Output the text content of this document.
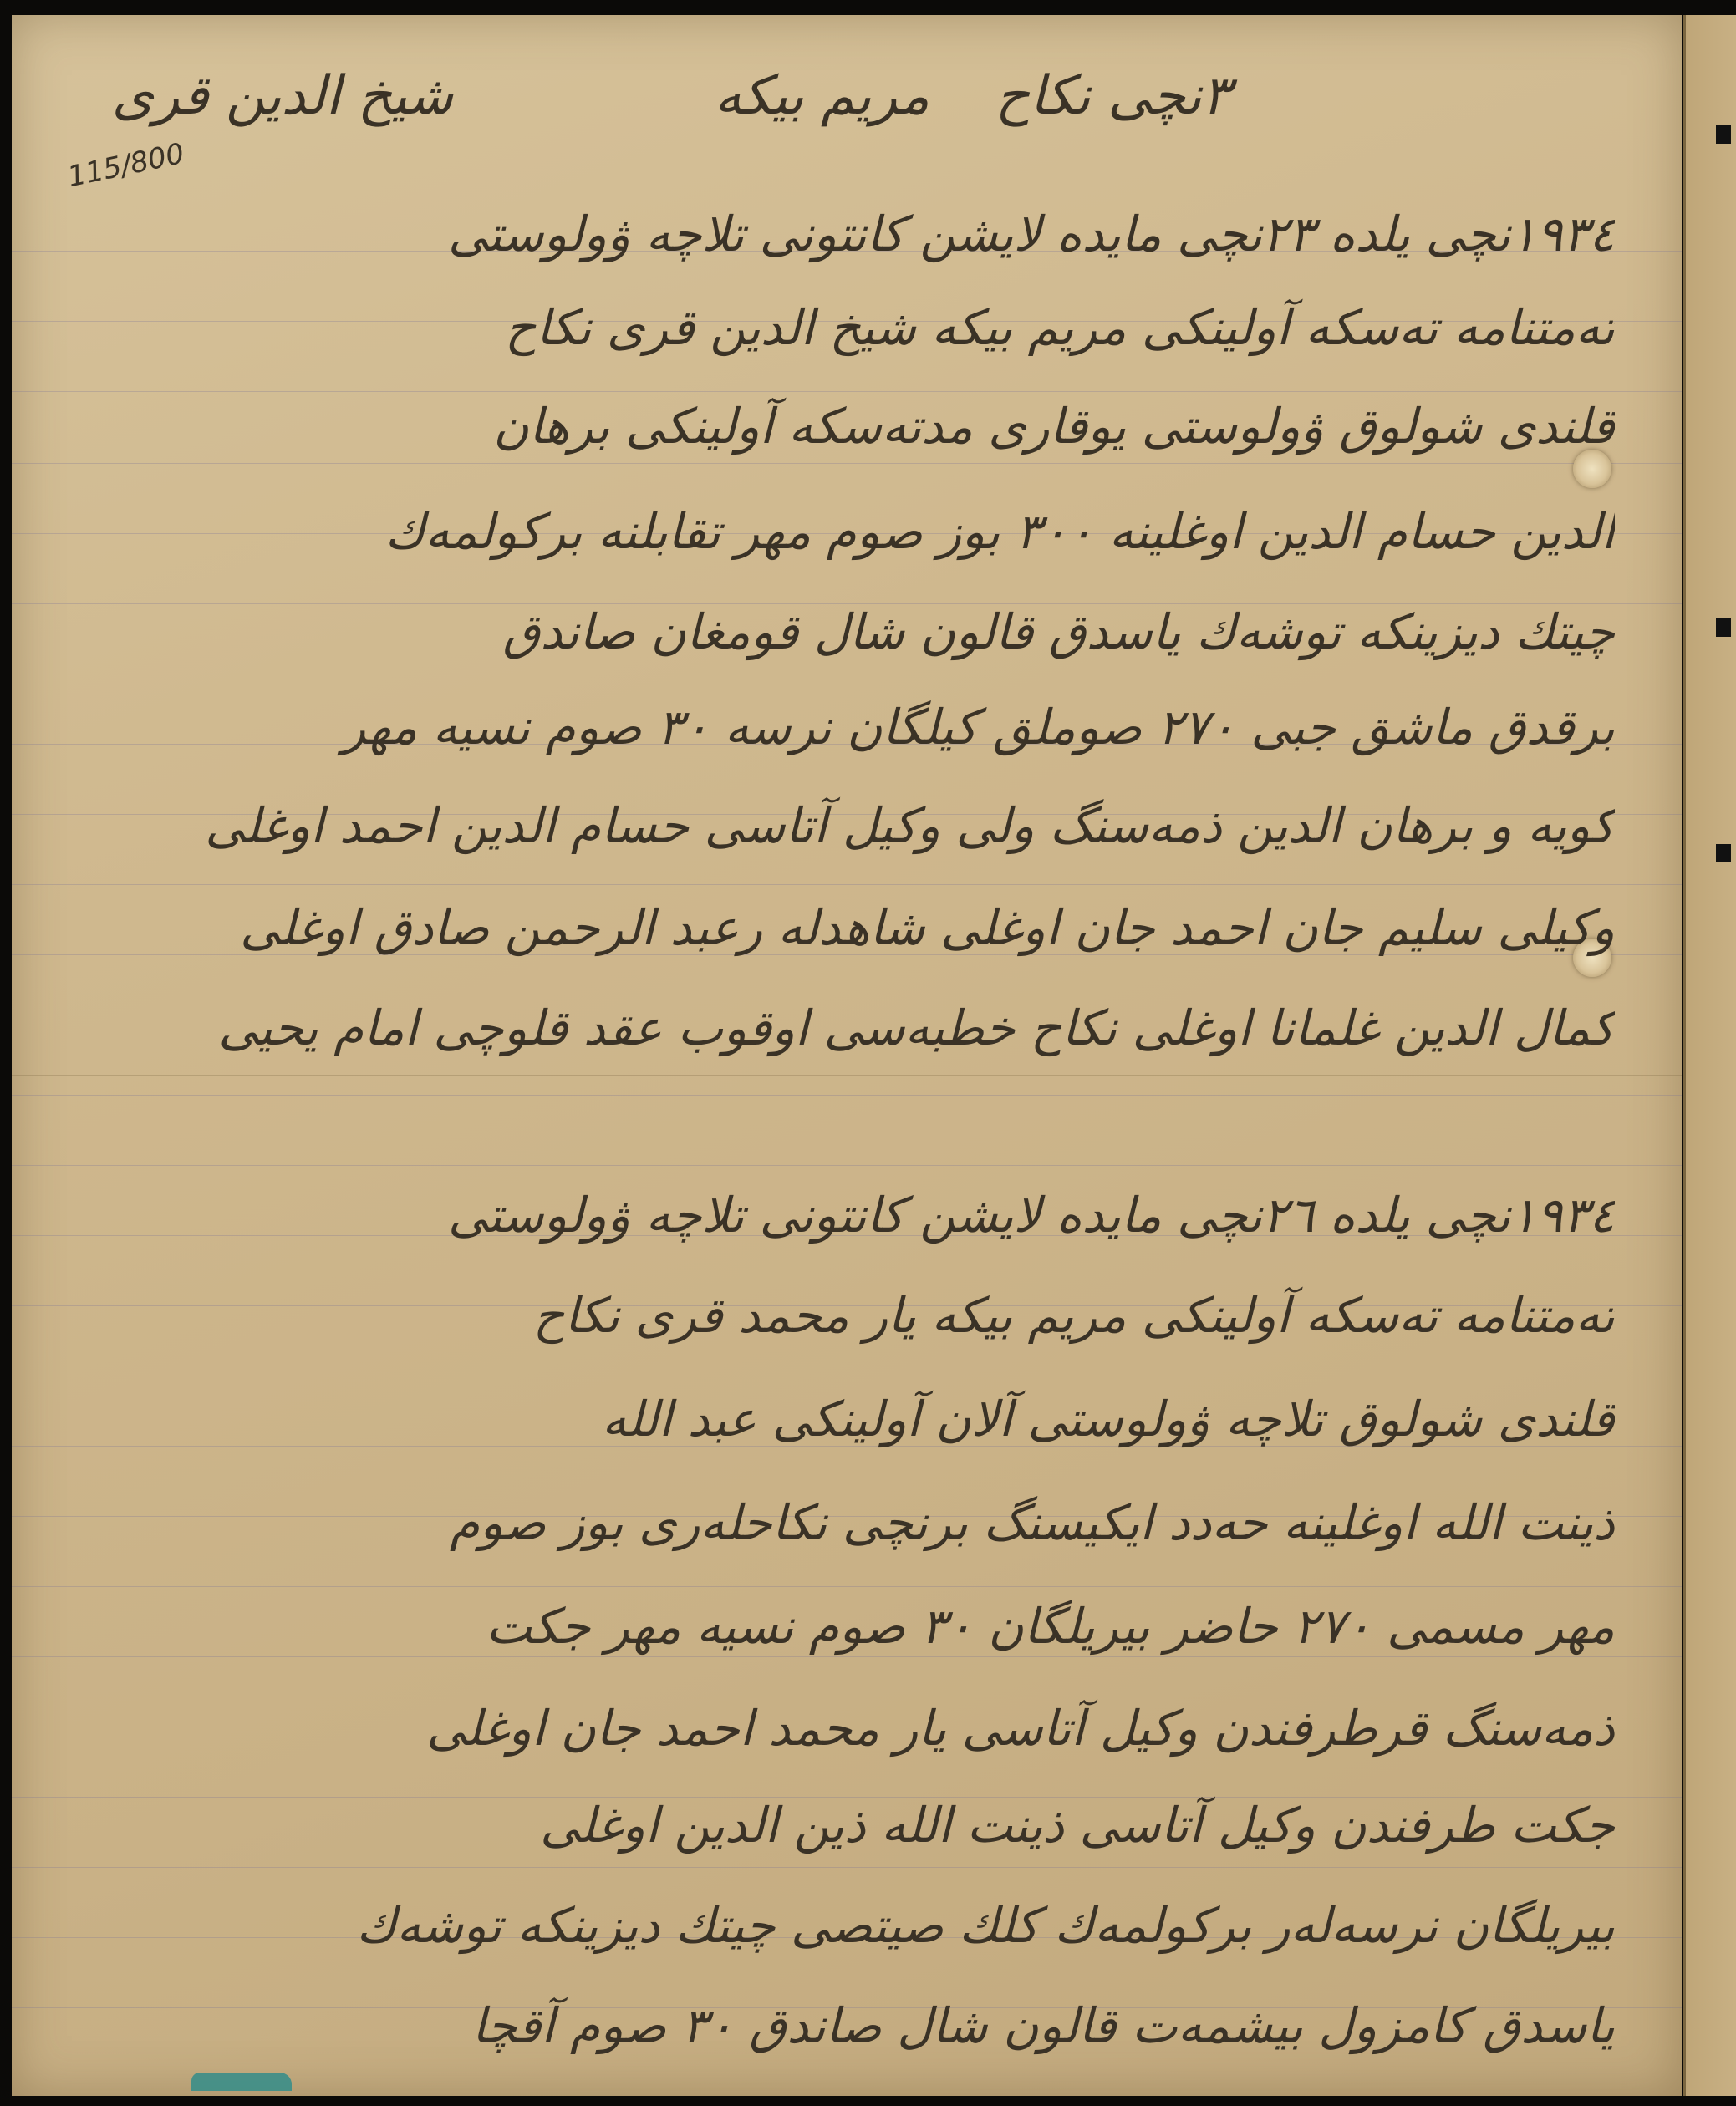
شيخ الدين قرى	مريم بيكه ٣نچی نكاح
115/800
١٩٣٤نچی يلده ٢٣نچی مايده لايشن كانتونی تلاچه ۋولوستی
تەمتنامە تەسكە آولينكی مريم بيكە شيخ الدين قرى نكاح
قلندى شولوق ۋولوستی يوقارى مدتەسكە آولينكی برهان
الدين حسام الدين اوغلينە ٣٠٠ بوز صوم مهر تقابلنە بركولمەك
چيتك ديزينكە توشەك ياسدق قالون شال قومغان صاندق
برقدق ماشق جبى ٢٧٠ صوملق كيلگان نرسە ٣٠ صوم نسيه مهر
كويە و برهان الدين ذمەسنگ ولى وكيل آتاسى حسام الدين احمد اوغلى
وكيلى سليم جان احمد جان اوغلى شاهدلە رعبد الرحمن صادق اوغلى
كمال الدين غلمانا اوغلى نكاح خطبەسى اوقوب عقد قلوچى امام يحيى
١٩٣٤نچی يلده ٢٦نچی مايده لايشن كانتونی تلاچه ۋولوستی
تەمتنامە تەسكە آولينكی مريم بيكە يار محمد قرى نكاح
قلندى شولوق تلاچه ۋولوستی آلان آولينكی عبد الله
ذينت الله اوغلينە حەدد ايكيسنگ برنچی نكاحلەرى بوز صوم
مهر مسمى ٢٧٠ حاضر بيريلگان ٣٠ صوم نسيه مهر جكت
ذمەسنگ قرطرفندن وكيل آتاسى يار محمد احمد جان اوغلى
جكت طرفندن وكيل آتاسى ذينت الله ذين الدين اوغلى
بيريلگان نرسەلەر بركولمەك كلك صيتصى چيتك ديزينكە توشەك
ياسدق كامزول بيشمەت قالون شال صاندق ٣٠ صوم آقچا
